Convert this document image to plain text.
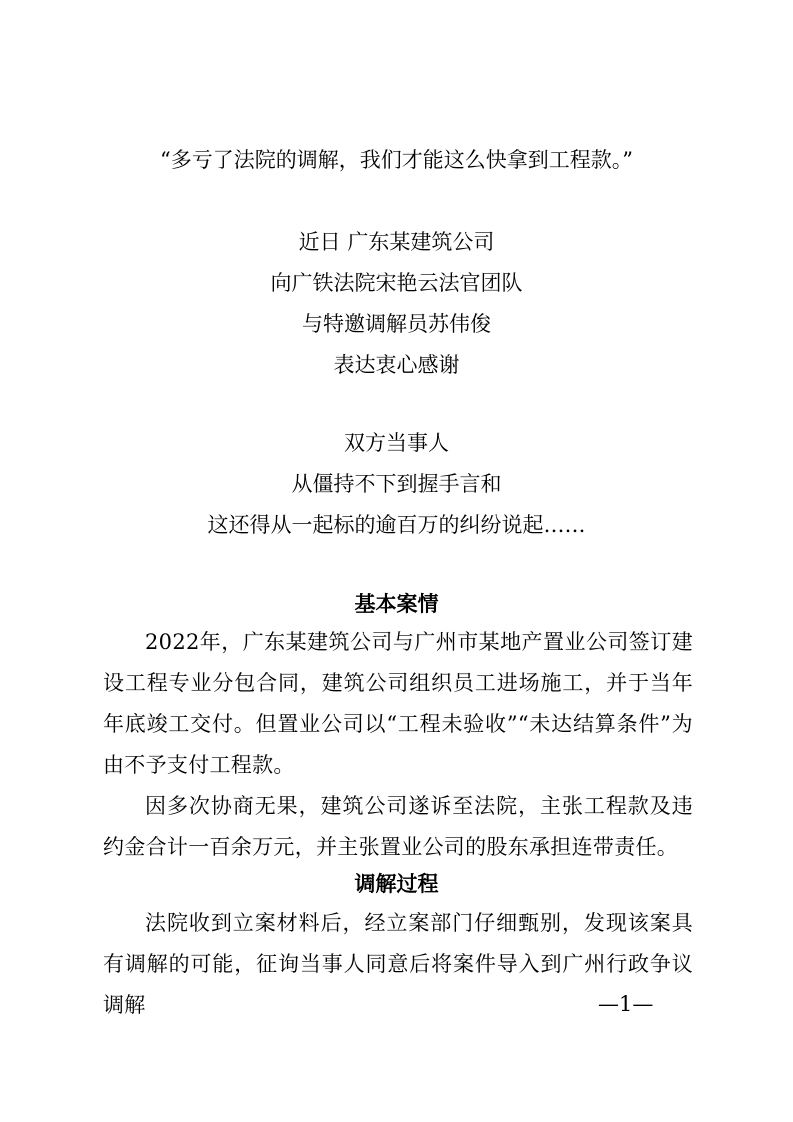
“多亏了法院的调解，我们才能这么快拿到工程款。”
近日 广东某建筑公司
向广铁法院宋艳云法官团队
与特邀调解员苏伟俊
表达衷心感谢
双方当事人
从僵持不下到握手言和
这还得从一起标的逾百万的纠纷说起……
基本案情
2022年，广东某建筑公司与广州市某地产置业公司签订建设工程专业分包合同，建筑公司组织员工进场施工，并于当年年底竣工交付。但置业公司以“工程未验收”“未达结算条件”为由不予支付工程款。
因多次协商无果，建筑公司遂诉至法院，主张工程款及违约金合计一百余万元，并主张置业公司的股东承担连带责任。
调解过程
法院收到立案材料后，经立案部门仔细甄别，发现该案具有调解的可能，征询当事人同意后将案件导入到广州行政争议调解	—1—
